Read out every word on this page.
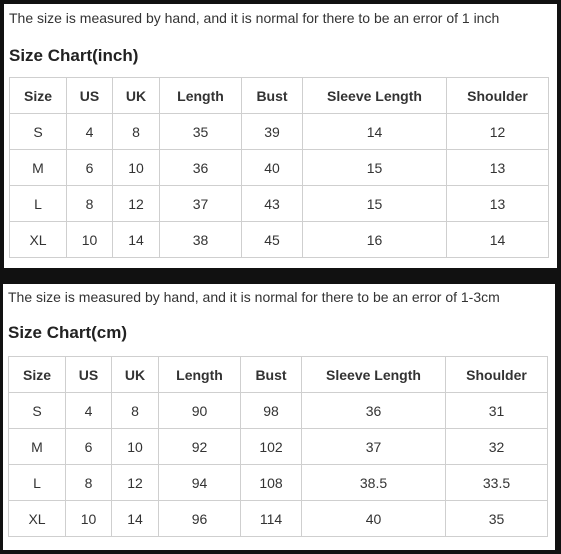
The size is measured by hand, and it is normal for there to be an error of 1 inch
Size Chart(inch)
Size	US	UK	Length	Bust	Sleeve Length	Shoulder
S	4	8	35	39	14	12
M	6	10	36	40	15	13
L	8	12	37	43	15	13
XL	10	14	38	45	16	14
The size is measured by hand, and it is normal for there to be an error of 1-3cm
Size Chart(cm)
Size	US	UK	Length	Bust	Sleeve Length	Shoulder
S	4	8	90	98	36	31
M	6	10	92	102	37	32
L	8	12	94	108	38.5	33.5
XL	10	14	96	114	40	35
